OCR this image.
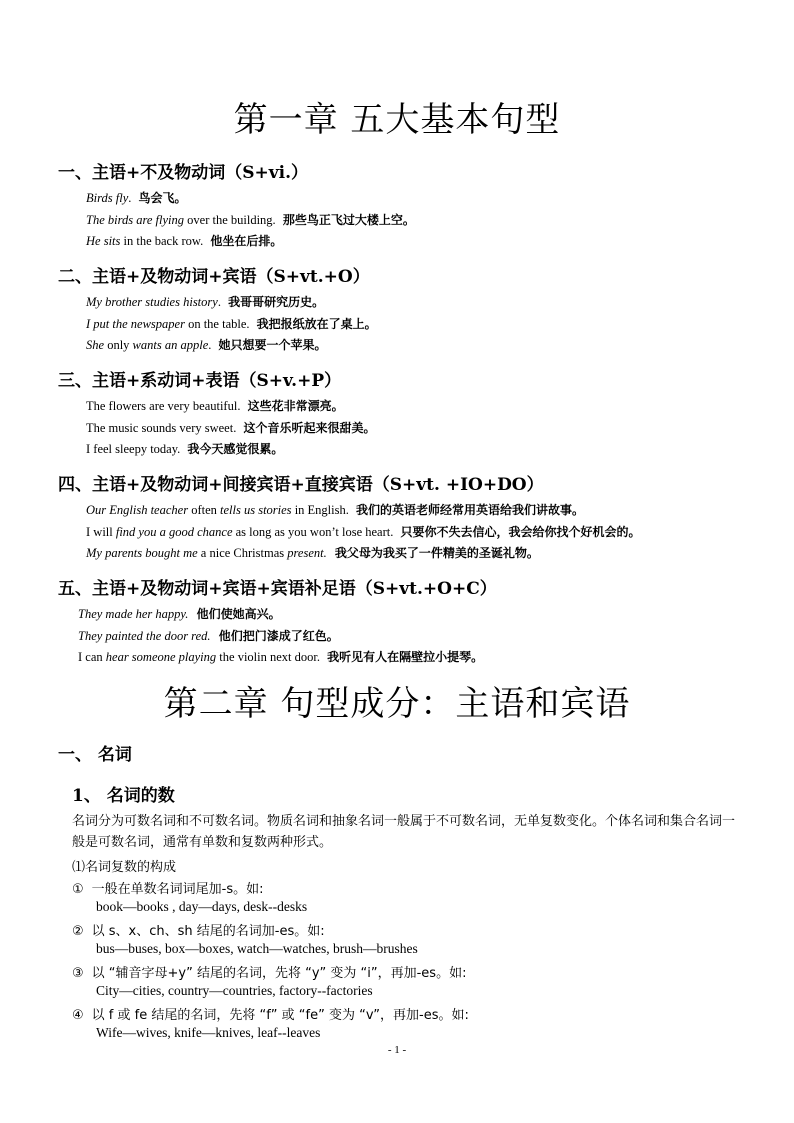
第一章 五大基本句型
一、主语+不及物动词（S+vi.）
Birds fly. 鸟会飞。
The birds are flying over the building. 那些鸟正飞过大楼上空。
He sits in the back row. 他坐在后排。
二、主语+及物动词+宾语（S+vt.+O）
My brother studies history. 我哥哥研究历史。
I put the newspaper on the table. 我把报纸放在了桌上。
She only wants an apple. 她只想要一个苹果。
三、主语+系动词+表语（S+v.+P）
The flowers are very beautiful. 这些花非常漂亮。
The music sounds very sweet. 这个音乐听起来很甜美。
I feel sleepy today. 我今天感觉很累。
四、主语+及物动词+间接宾语+直接宾语（S+vt. +IO+DO）
Our English teacher often tells us stories in English. 我们的英语老师经常用英语给我们讲故事。
I will find you a good chance as long as you won’t lose heart. 只要你不失去信心，我会给你找个好机会的。
My parents bought me a nice Christmas present. 我父母为我买了一件精美的圣诞礼物。
五、主语+及物动词+宾语+宾语补足语（S+vt.+O+C）
They made her happy. 他们使她高兴。
They painted the door red. 他们把门漆成了红色。
I can hear someone playing the violin next door. 我听见有人在隔壁拉小提琴。
第二章 句型成分：主语和宾语
一、 名词
1、 名词的数
名词分为可数名词和不可数名词。物质名词和抽象名词一般属于不可数名词，无单复数变化。个体名词和集合名词一般是可数名词，通常有单数和复数两种形式。
⑴名词复数的构成
① 一般在单数名词词尾加-s。如:
book—books , day—days, desk--desks
② 以 s、x、ch、sh 结尾的名词加-es。如:
bus—buses, box—boxes, watch—watches, brush—brushes
③ 以 “辅音字母+y” 结尾的名词，先将 “y” 变为 “i”，再加-es。如:
City—cities, country—countries, factory--factories
④ 以 f 或 fe 结尾的名词，先将 “f” 或 “fe” 变为 “v”，再加-es。如:
Wife—wives, knife—knives, leaf--leaves
- 1 -
